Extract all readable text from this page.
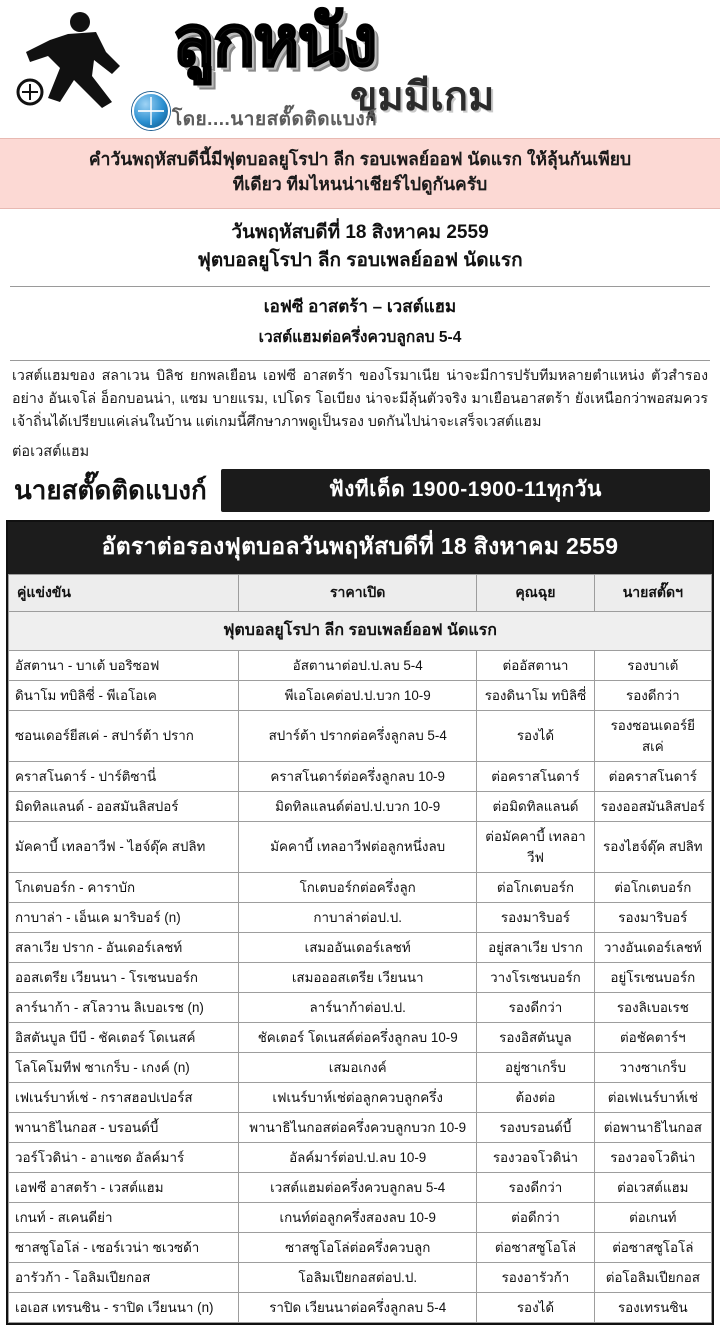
ลูกหนัง
ขุมมีเกม
โดย....นายสตั๊ดติดแบงก์
คำวันพฤหัสบดีนี้มีฟุตบอลยูโรปา ลีก รอบเพลย์ออฟ นัดแรก ให้ลุ้นกันเพียบ
ทีเดียว ทีมไหนน่าเชียร์ไปดูกันครับ
วันพฤหัสบดีที่ 18 สิงหาคม 2559
ฟุตบอลยูโรปา ลีก รอบเพลย์ออฟ นัดแรก
เอฟซี อาสตร้า – เวสต์แฮม
เวสต์แฮมต่อครึ่งควบลูกลบ 5-4

เวสต์แฮมของ สลาเวน บิลิช ยกพลเยือน เอฟซี อาสตร้า ของโรมาเนีย น่าจะมีการปรับทีมหลายตำแหน่ง ตัวสำรองอย่าง อันเจโล่ อ็อกบอนน่า, แซม บายแรม, เปโดร โอเบียง น่าจะมีลุ้นตัวจริง มาเยือนอาสตร้า ยังเหนือกว่าพอสมควร เจ้าถิ่นได้เปรียบแค่เล่นในบ้าน แต่เกมนี้ศึกษาภาพดูเป็นรอง บดกันไปน่าจะเสร็จเวสต์แฮม

ต่อเวสต์แฮม
นายสตั๊ดติดแบงก์	ฟังทีเด็ด 1900-1900-11ทุกวัน
อัตราต่อรองฟุตบอลวันพฤหัสบดีที่ 18 สิงหาคม 2559
คู่แข่งขัน	ราคาเปิด	คุณฉุย	นายสตั๊ดฯ
ฟุตบอลยูโรปา ลีก รอบเพลย์ออฟ นัดแรก			
อัสตานา - บาเต้ บอริซอฟ	อัสตานาต่อป.ป.ลบ 5-4	ต่ออัสตานา	รองบาเต้
ดินาโม ทบิลิซี่ - พีเอโอเค	พีเอโอเคต่อป.ป.บวก 10-9	รองดินาโม ทบิลิซี่	รองดีกว่า
ซอนเดอร์ยีสเค่ - สปาร์ต้า ปราก	สปาร์ต้า ปรากต่อครึ่งลูกลบ 5-4	รองได้	รองซอนเดอร์ยีสเค่
คราสโนดาร์ - ปาร์ติซานี่	คราสโนดาร์ต่อครึ่งลูกลบ 10-9	ต่อคราสโนดาร์	ต่อคราสโนดาร์
มิดทิลแลนด์ - ออสมันลิสปอร์	มิดทิลแลนด์ต่อป.ป.บวก 10-9	ต่อมิดทิลแลนด์	รองออสมันลิสปอร์
มัคคาบี้ เทลอาวีฟ - ไฮจ์ดุ๊ค สปลิท	มัคคาบี้ เทลอาวีฟต่อลูกหนึ่งลบ	ต่อมัคคาบี้ เทลอาวีฟ	รองไฮจ์ดุ๊ค สปลิท
โกเตบอร์ก - คาราบัก	โกเตบอร์กต่อครึ่งลูก	ต่อโกเตบอร์ก	ต่อโกเตบอร์ก
กาบาล่า - เอ็นเค มาริบอร์ (n)	กาบาล่าต่อป.ป.	รองมาริบอร์	รองมาริบอร์
สลาเวีย ปราก - อันเดอร์เลชท์	เสมออันเดอร์เลชท์	อยู่สลาเวีย ปราก	วางอันเดอร์เลชท์
ออสเตรีย เวียนนา - โรเซนบอร์ก	เสมอออสเตรีย เวียนนา	วางโรเซนบอร์ก	อยู่โรเซนบอร์ก
ลาร์นาก้า - สโลวาน ลิเบอเรช (n)	ลาร์นาก้าต่อป.ป.	รองดีกว่า	รองลิเบอเรช
อิสตันบูล บีบี - ชัคเตอร์ โดเนสค์	ชัคเตอร์ โดเนสค์ต่อครึ่งลูกลบ 10-9	รองอิสตันบูล	ต่อชัคตาร์ฯ
โลโคโมทีฟ ซาเกร็บ - เกงค์ (n)	เสมอเกงค์	อยู่ซาเกร็บ	วางซาเกร็บ
เฟเนร์บาห์เช่ - กราสฮอปเปอร์ส	เฟเนร์บาห์เช่ต่อลูกควบลูกครึ่ง	ต้องต่อ	ต่อเฟเนร์บาห์เช่
พานาธิไนกอส - บรอนด์บี้	พานาธิไนกอสต่อครึ่งควบลูกบวก 10-9	รองบรอนด์บี้	ต่อพานาธิไนกอส
วอร์โวดิน่า - อาแซด อัลค์มาร์	อัลค์มาร์ต่อป.ป.ลบ 10-9	รองวอจโวดิน่า	รองวอจโวดิน่า
เอฟซี อาสตร้า - เวสต์แฮม	เวสต์แฮมต่อครึ่งควบลูกลบ 5-4	รองดีกว่า	ต่อเวสต์แฮม
เกนท์ - สเคนดีย่า	เกนท์ต่อลูกครึ่งสองลบ 10-9	ต่อดีกว่า	ต่อเกนท์
ซาสซูโอโล่ - เซอร์เวน่า ซเวซด้า	ซาสซูโอโล่ต่อครึ่งควบลูก	ต่อซาสซูโอโล่	ต่อซาสซูโอโล่
อารัวก้า - โอลิมเปียกอส	โอลิมเปียกอสต่อป.ป.	รองอารัวก้า	ต่อโอลิมเปียกอส
เอเอส เทรนซิน - ราปิด เวียนนา (n)	ราปิด เวียนนาต่อครึ่งลูกลบ 5-4	รองได้	รองเทรนซิน
